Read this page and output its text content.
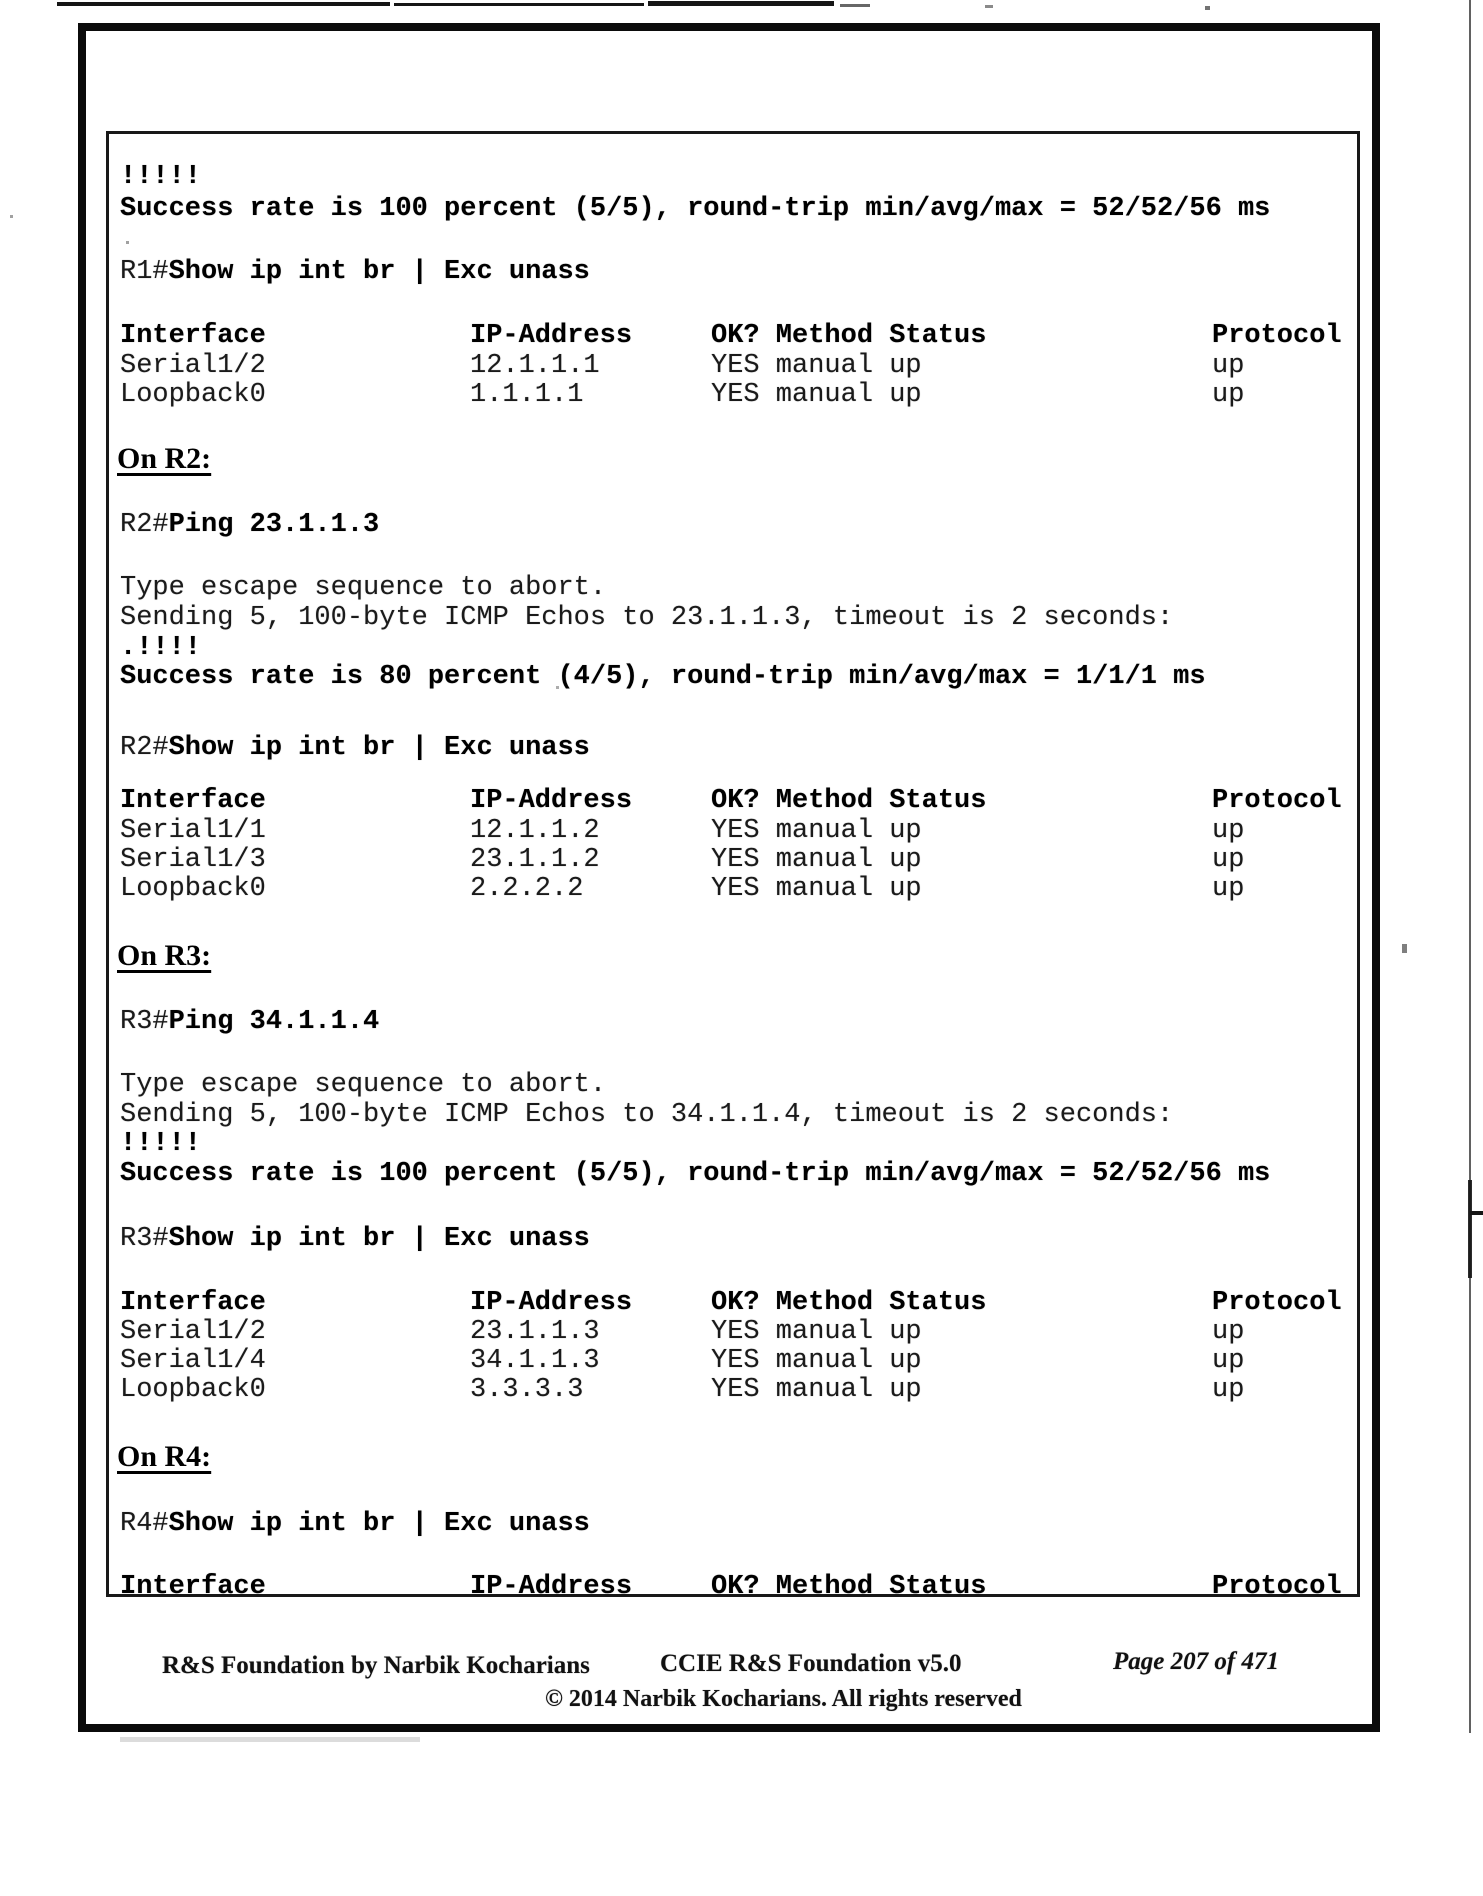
!!!!!
Success rate is 100 percent (5/5), round-trip min/avg/max = 52/52/56 ms
R1#Show ip int br | Exc unass
Interface	IP-Address	OK? Method Status	Protocol
Serial1/2	12.1.1.1	YES manual up	up
Loopback0	1.1.1.1	YES manual up	up
On R2:
R2#Ping 23.1.1.3
Type escape sequence to abort.
Sending 5, 100-byte ICMP Echos to 23.1.1.3, timeout is 2 seconds:
.!!!!
Success rate is 80 percent (4/5), round-trip min/avg/max = 1/1/1 ms
R2#Show ip int br | Exc unass
Interface	IP-Address	OK? Method Status	Protocol
Serial1/1	12.1.1.2	YES manual up	up
Serial1/3	23.1.1.2	YES manual up	up
Loopback0	2.2.2.2	YES manual up	up
On R3:
R3#Ping 34.1.1.4
Type escape sequence to abort.
Sending 5, 100-byte ICMP Echos to 34.1.1.4, timeout is 2 seconds:
!!!!!
Success rate is 100 percent (5/5), round-trip min/avg/max = 52/52/56 ms
R3#Show ip int br | Exc unass
Interface	IP-Address	OK? Method Status	Protocol
Serial1/2	23.1.1.3	YES manual up	up
Serial1/4	34.1.1.3	YES manual up	up
Loopback0	3.3.3.3	YES manual up	up
On R4:
R4#Show ip int br | Exc unass
Interface	IP-Address	OK? Method Status	Protocol
R&S Foundation by Narbik Kocharians	CCIE R&S Foundation v5.0	Page 207 of 471
© 2014 Narbik Kocharians. All rights reserved
